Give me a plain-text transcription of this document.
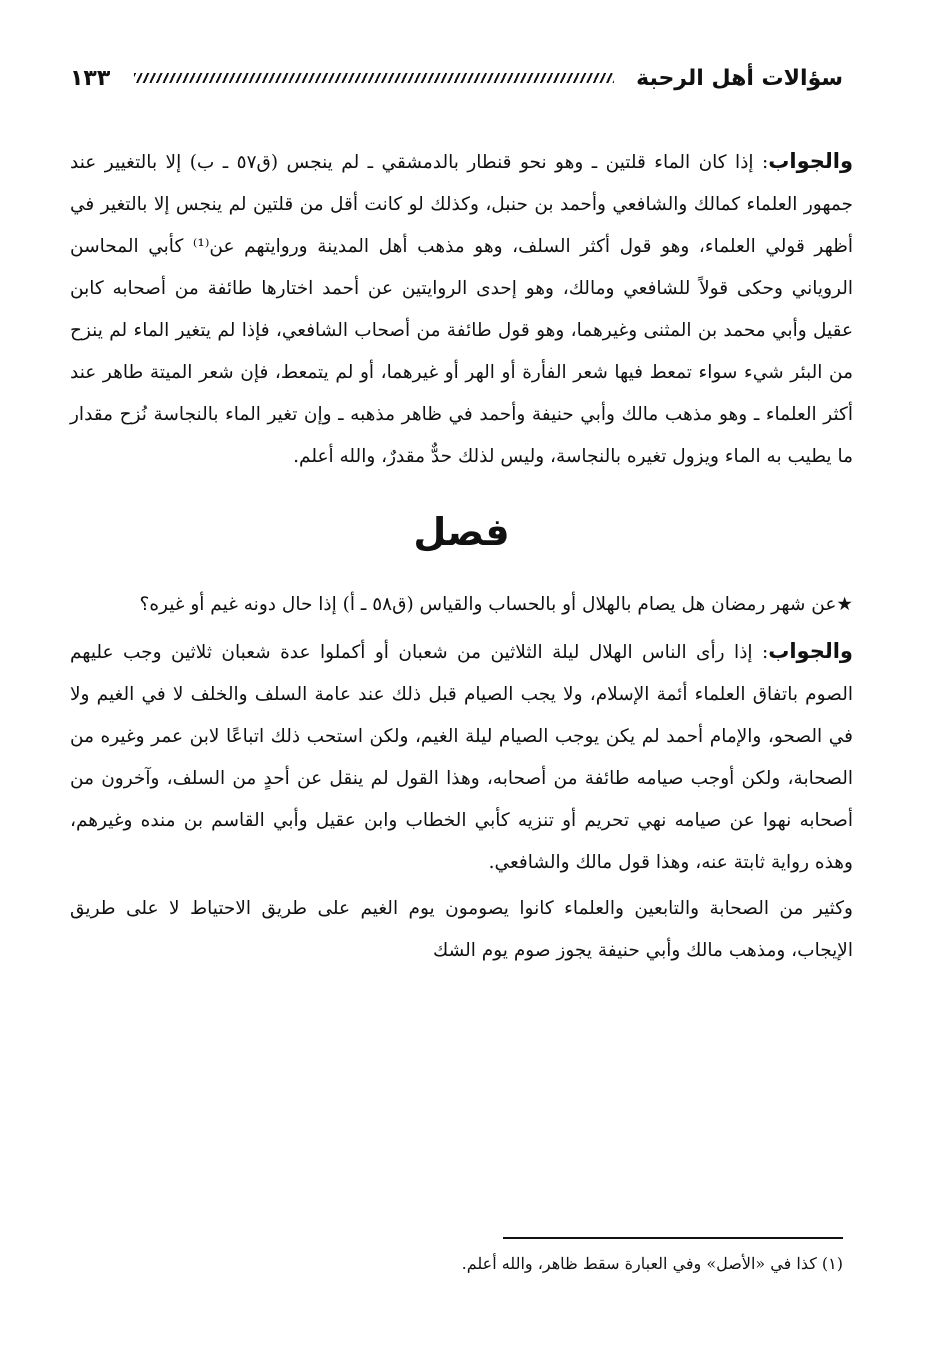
سؤالات أهل الرحبة
١٣٣

والجواب: إذا كان الماء قلتين ـ وهو نحو قنطار بالدمشقي ـ لم ينجس (ق٥٧ ـ ب) إلا بالتغيير عند جمهور العلماء كمالك والشافعي وأحمد بن حنبل، وكذلك لو كانت أقل من قلتين لم ينجس إلا بالتغير في أظهر قولي العلماء، وهو قول أكثر السلف، وهو مذهب أهل المدينة وروايتهم عن⁽¹⁾ كأبي المحاسن الروياني وحكى قولاً للشافعي ومالك، وهو إحدى الروايتين عن أحمد اختارها طائفة من أصحابه كابن عقيل وأبي محمد بن المثنى وغيرهما، وهو قول طائفة من أصحاب الشافعي، فإذا لم يتغير الماء لم ينزح من البئر شيء سواء تمعط فيها شعر الفأرة أو الهر أو غيرهما، أو لم يتمعط، فإن شعر الميتة طاهر عند أكثر العلماء ـ وهو مذهب مالك وأبي حنيفة وأحمد في ظاهر مذهبه ـ وإن تغير الماء بالنجاسة نُزح مقدار ما يطيب به الماء ويزول تغيره بالنجاسة، وليس لذلك حدٌّ مقدرٌ، والله أعلم.

فصل

★عن شهر رمضان هل يصام بالهلال أو بالحساب والقياس (ق٥٨ ـ أ) إذا حال دونه غيم أو غيره؟

والجواب: إذا رأى الناس الهلال ليلة الثلاثين من شعبان أو أكملوا عدة شعبان ثلاثين وجب عليهم الصوم باتفاق العلماء أئمة الإسلام، ولا يجب الصيام قبل ذلك عند عامة السلف والخلف لا في الغيم ولا في الصحو، والإمام أحمد لم يكن يوجب الصيام ليلة الغيم، ولكن استحب ذلك اتباعًا لابن عمر وغيره من الصحابة، ولكن أوجب صيامه طائفة من أصحابه، وهذا القول لم ينقل عن أحدٍ من السلف، وآخرون من أصحابه نهوا عن صيامه نهي تحريم أو تنزيه كأبي الخطاب وابن عقيل وأبي القاسم بن منده وغيرهم، وهذه رواية ثابتة عنه، وهذا قول مالك والشافعي.

وكثير من الصحابة والتابعين والعلماء كانوا يصومون يوم الغيم على طريق الاحتياط لا على طريق الإيجاب، ومذهب مالك وأبي حنيفة يجوز صوم يوم الشك

(١) كذا في «الأصل» وفي العبارة سقط ظاهر، والله أعلم.
